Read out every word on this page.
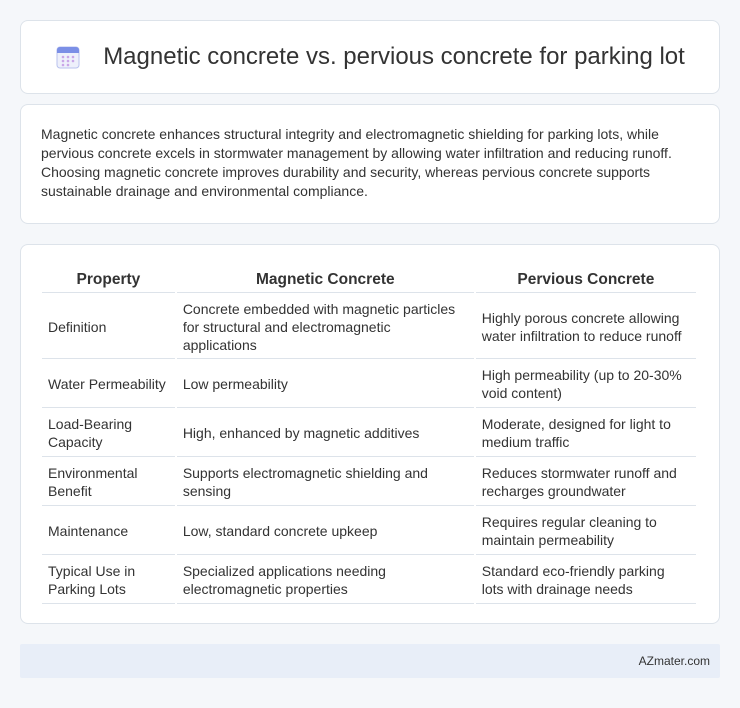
Magnetic concrete vs. pervious concrete for parking lot

Magnetic concrete enhances structural integrity and electromagnetic shielding for parking lots, while pervious concrete excels in stormwater management by allowing water infiltration and reducing runoff. Choosing magnetic concrete improves durability and security, whereas pervious concrete supports sustainable drainage and environmental compliance.

Property	Magnetic Concrete	Pervious Concrete
Definition	Concrete embedded with magnetic particles for structural and electromagnetic applications	Highly porous concrete allowing water infiltration to reduce runoff
Water Permeability	Low permeability	High permeability (up to 20-30% void content)
Load-Bearing Capacity	High, enhanced by magnetic additives	Moderate, designed for light to medium traffic
Environmental Benefit	Supports electromagnetic shielding and sensing	Reduces stormwater runoff and recharges groundwater
Maintenance	Low, standard concrete upkeep	Requires regular cleaning to maintain permeability
Typical Use in Parking Lots	Specialized applications needing electromagnetic properties	Standard eco-friendly parking lots with drainage needs
AZmater.com
